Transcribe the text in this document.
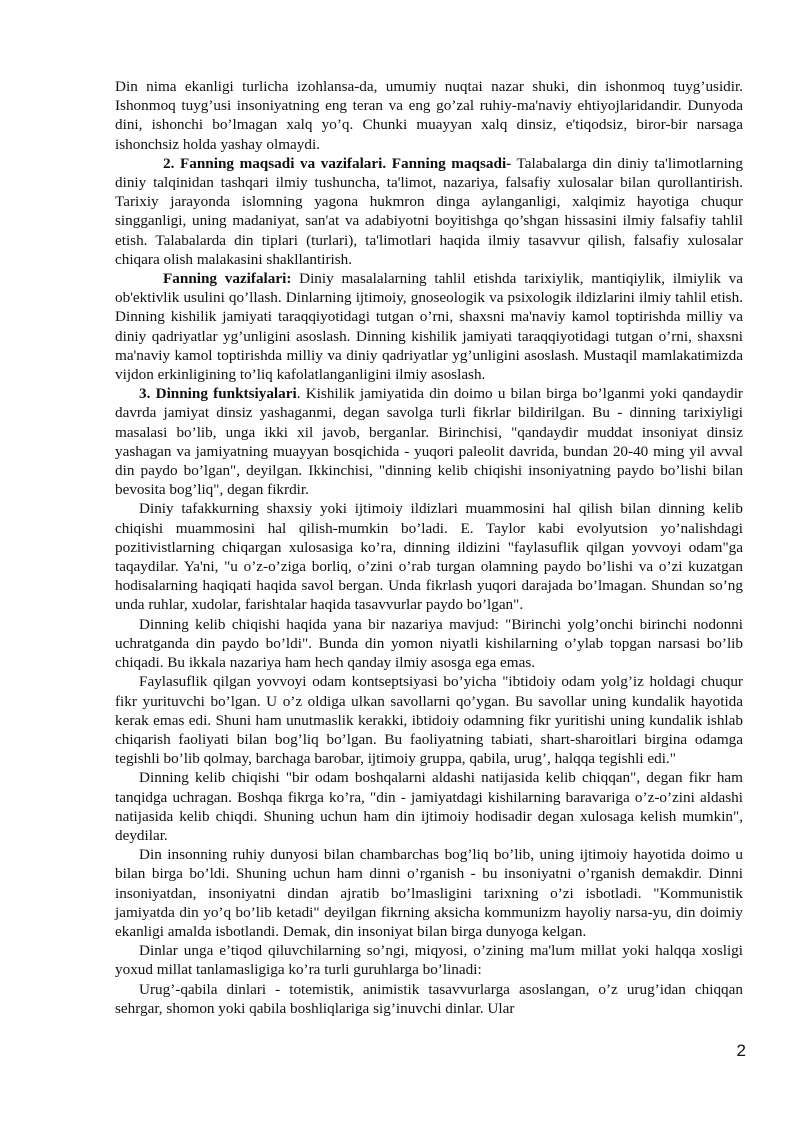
Din nima ekanligi turlicha izohlansa-da, umumiy nuqtai nazar shuki, din ishonmoq tuyg’usidir. Ishonmoq tuyg’usi insoniyatning eng teran va eng go’zal ruhiy-ma'naviy ehtiyojlaridandir. Dunyoda dini, ishonchi bo’lmagan xalq yo’q. Chunki muayyan xalq dinsiz, e'tiqodsiz, biror-bir narsaga ishonchsiz holda yashay olmaydi.

2. Fanning maqsadi va vazifalari. Fanning maqsadi- Talabalarga din diniy ta'limotlarning diniy talqinidan tashqari ilmiy tushuncha, ta'limot, nazariya, falsafiy xulosalar bilan qurollantirish. Tarixiy jarayonda islomning yagona hukmron dinga aylanganligi, xalqimiz hayotiga chuqur singganligi, uning madaniyat, san'at va adabiyotni boyitishga qo’shgan hissasini ilmiy falsafiy tahlil etish. Talabalarda din tiplari (turlari), ta'limotlari haqida ilmiy tasavvur qilish, falsafiy xulosalar chiqara olish malakasini shakllantirish.

Fanning vazifalari: Diniy masalalarning tahlil etishda tarixiylik, mantiqiylik, ilmiylik va ob'ektivlik usulini qo’llash. Dinlarning ijtimoiy, gnoseologik va psixologik ildizlarini ilmiy tahlil etish. Dinning kishilik jamiyati taraqqiyotidagi tutgan o’rni, shaxsni ma'naviy kamol toptirishda milliy va diniy qadriyatlar yg’unligini asoslash. Dinning kishilik jamiyati taraqqiyotidagi tutgan o’rni, shaxsni ma'naviy kamol toptirishda milliy va diniy qadriyatlar yg’unligini asoslash. Mustaqil mamlakatimizda vijdon erkinligining to’liq kafolatlanganligini ilmiy asoslash.

3. Dinning funktsiyalari. Kishilik jamiyatida din doimo u bilan birga bo’lganmi yoki qandaydir davrda jamiyat dinsiz yashaganmi, degan savolga turli fikrlar bildirilgan. Bu - dinning tarixiyligi masalasi bo’lib, unga ikki xil javob, berganlar. Birinchisi, "qandaydir muddat insoniyat dinsiz yashagan va jamiyatning muayyan bosqichida - yuqori paleolit davrida, bundan 20-40 ming yil avval din paydo bo’lgan", deyilgan. Ikkinchisi, "dinning kelib chiqishi insoniyatning paydo bo’lishi bilan bevosita bog’liq", degan fikrdir.

Diniy tafakkurning shaxsiy yoki ijtimoiy ildizlari muammosini hal qilish bilan dinning kelib chiqishi muammosini hal qilish-mumkin bo’ladi. E. Taylor kabi evolyutsion yo’nalishdagi pozitivistlarning chiqargan xulosasiga ko’ra, dinning ildizini "faylasuflik qilgan yovvoyi odam"ga taqaydilar. Ya'ni, "u o’z-o’ziga borliq, o’zini o’rab turgan olamning paydo bo’lishi va o’zi kuzatgan hodisalarning haqiqati haqida savol bergan. Unda fikrlash yuqori darajada bo’lmagan. Shundan so’ng unda ruhlar, xudolar, farishtalar haqida tasavvurlar paydo bo’lgan".

Dinning kelib chiqishi haqida yana bir nazariya mavjud: "Birinchi yolg’onchi birinchi nodonni uchratganda din paydo bo’ldi". Bunda din yomon niyatli kishilarning o’ylab topgan narsasi bo’lib chiqadi. Bu ikkala nazariya ham hech qanday ilmiy asosga ega emas.

Faylasuflik qilgan yovvoyi odam kontseptsiyasi bo’yicha "ibtidoiy odam yolg’iz holdagi chuqur fikr yurituvchi bo’lgan. U o’z oldiga ulkan savollarni qo’ygan. Bu savollar uning kundalik hayotida kerak emas edi. Shuni ham unutmaslik kerakki, ibtidoiy odamning fikr yuritishi uning kundalik ishlab chiqarish faoliyati bilan bog’liq bo’lgan. Bu faoliyatning tabiati, shart-sharoitlari birgina odamga tegishli bo’lib qolmay, barchaga barobar, ijtimoiy gruppa, qabila, urug’, halqqa tegishli edi."

Dinning kelib chiqishi "bir odam boshqalarni aldashi natijasida kelib chiqqan", degan fikr ham tanqidga uchragan. Boshqa fikrga ko’ra, "din - jamiyatdagi kishilarning baravariga o’z-o’zini aldashi natijasida kelib chiqdi. Shuning uchun ham din ijtimoiy hodisadir degan xulosaga kelish mumkin", deydilar.

Din insonning ruhiy dunyosi bilan chambarchas bog’liq bo’lib, uning ijtimoiy hayotida doimo u bilan birga bo’ldi. Shuning uchun ham dinni o’rganish - bu insoniyatni o’rganish demakdir. Dinni insoniyatdan, insoniyatni dindan ajratib bo’lmasligini tarixning o’zi isbotladi. "Kommunistik jamiyatda din yo’q bo’lib ketadi" deyilgan fikrning aksicha kommunizm hayoliy narsa-yu, din doimiy ekanligi amalda isbotlandi. Demak, din insoniyat bilan birga dunyoga kelgan.

Dinlar unga e’tiqod qiluvchilarning so’ngi, miqyosi, o’zining ma'lum millat yoki halqqa xosligi yoxud millat tanlamasligiga ko’ra turli guruhlarga bo’linadi:

Urug’-qabila dinlari - totemistik, animistik tasavvurlarga asoslangan, o’z urug’idan chiqqan sehrgar, shomon yoki qabila boshliqlariga sig’inuvchi dinlar. Ular

2
